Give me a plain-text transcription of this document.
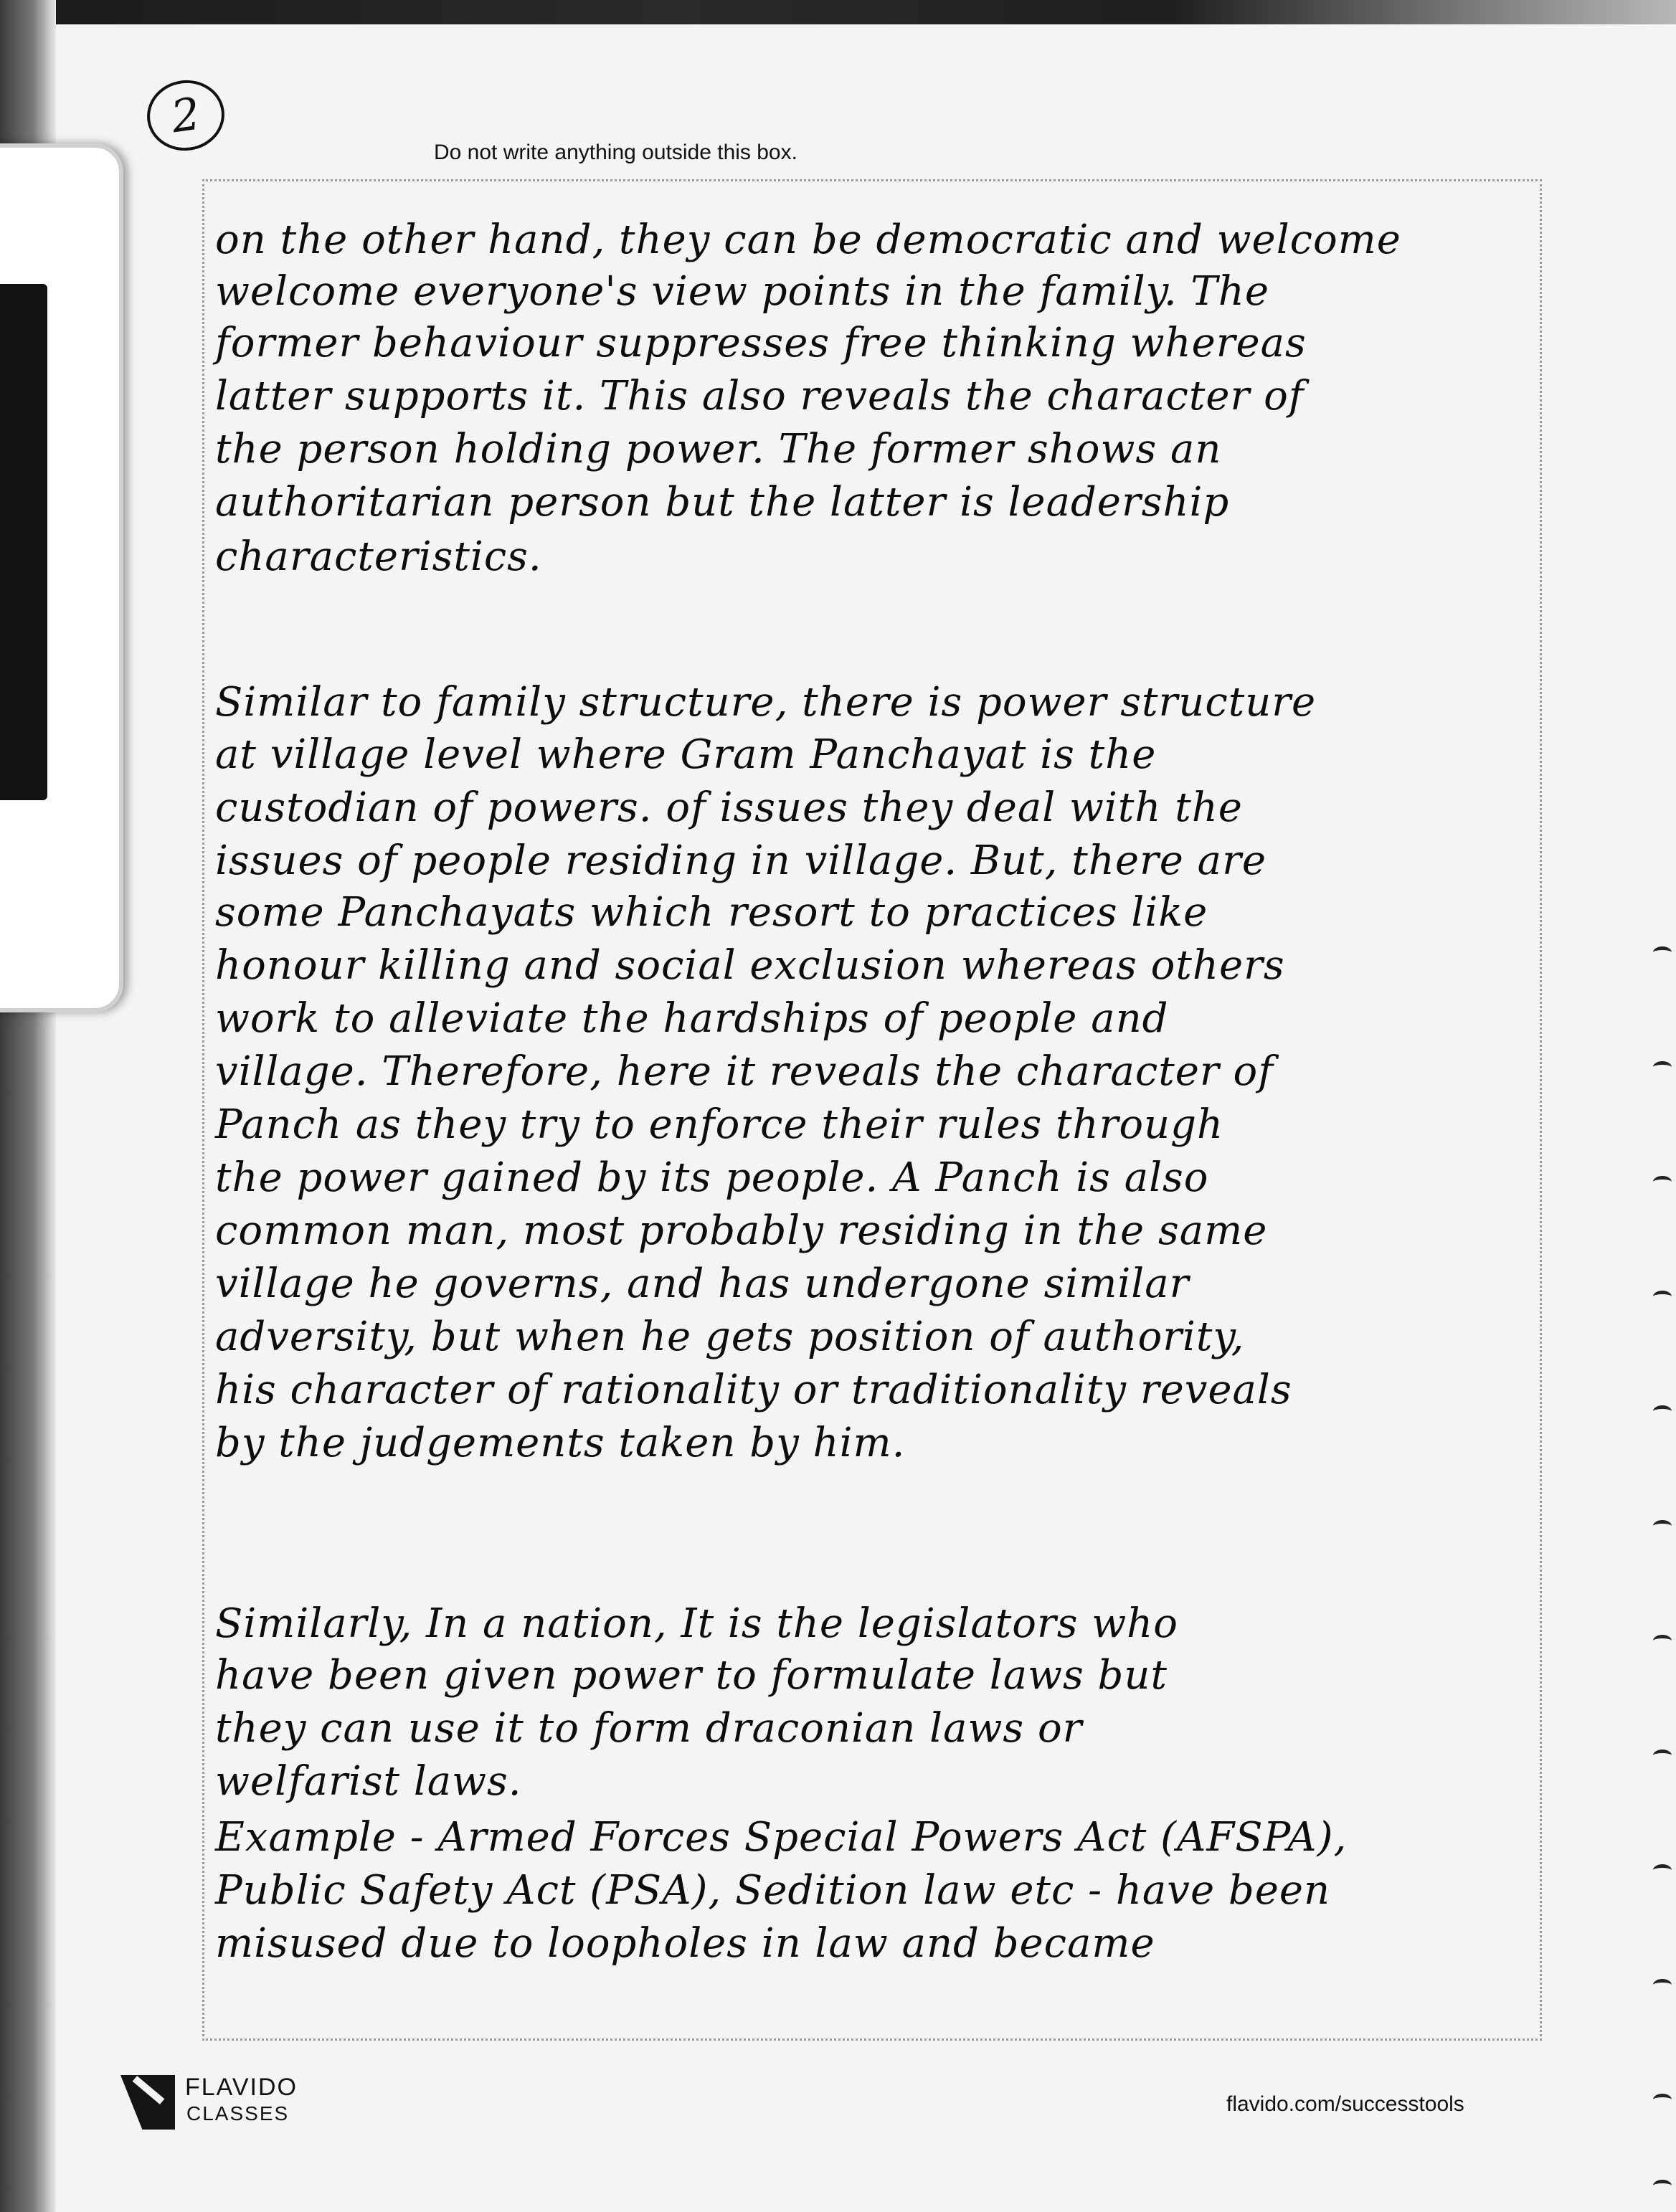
2
Do not write anything outside this box.
on the other hand, they can be democratic and welcome
welcome everyone's view points in the family. The
former behaviour suppresses free thinking whereas
latter supports it. This also reveals the character of
the person holding power. The former shows an
authoritarian person but the latter is leadership
characteristics.
Similar to family structure, there is power structure
at village level where Gram Panchayat is the
custodian of powers. of issues they deal with the
issues of people residing in village. But, there are
some Panchayats which resort to practices like
honour killing and social exclusion whereas others
work to alleviate the hardships of people and
village. Therefore, here it reveals the character of
Panch as they try to enforce their rules through
the power gained by its people. A Panch is also
common man, most probably residing in the same
village he governs, and has undergone similar
adversity, but when he gets position of authority,
his character of rationality or traditionality reveals
by the judgements taken by him.
Similarly, In a nation, It is the legislators who
have been given power to formulate laws but
they can use it to form draconian laws or
welfarist laws.
Example - Armed Forces Special Powers Act (AFSPA),
Public Safety Act (PSA), Sedition law etc - have been
misused due to loopholes in law and became
FLAVIDO
CLASSES	flavido.com/successtools
